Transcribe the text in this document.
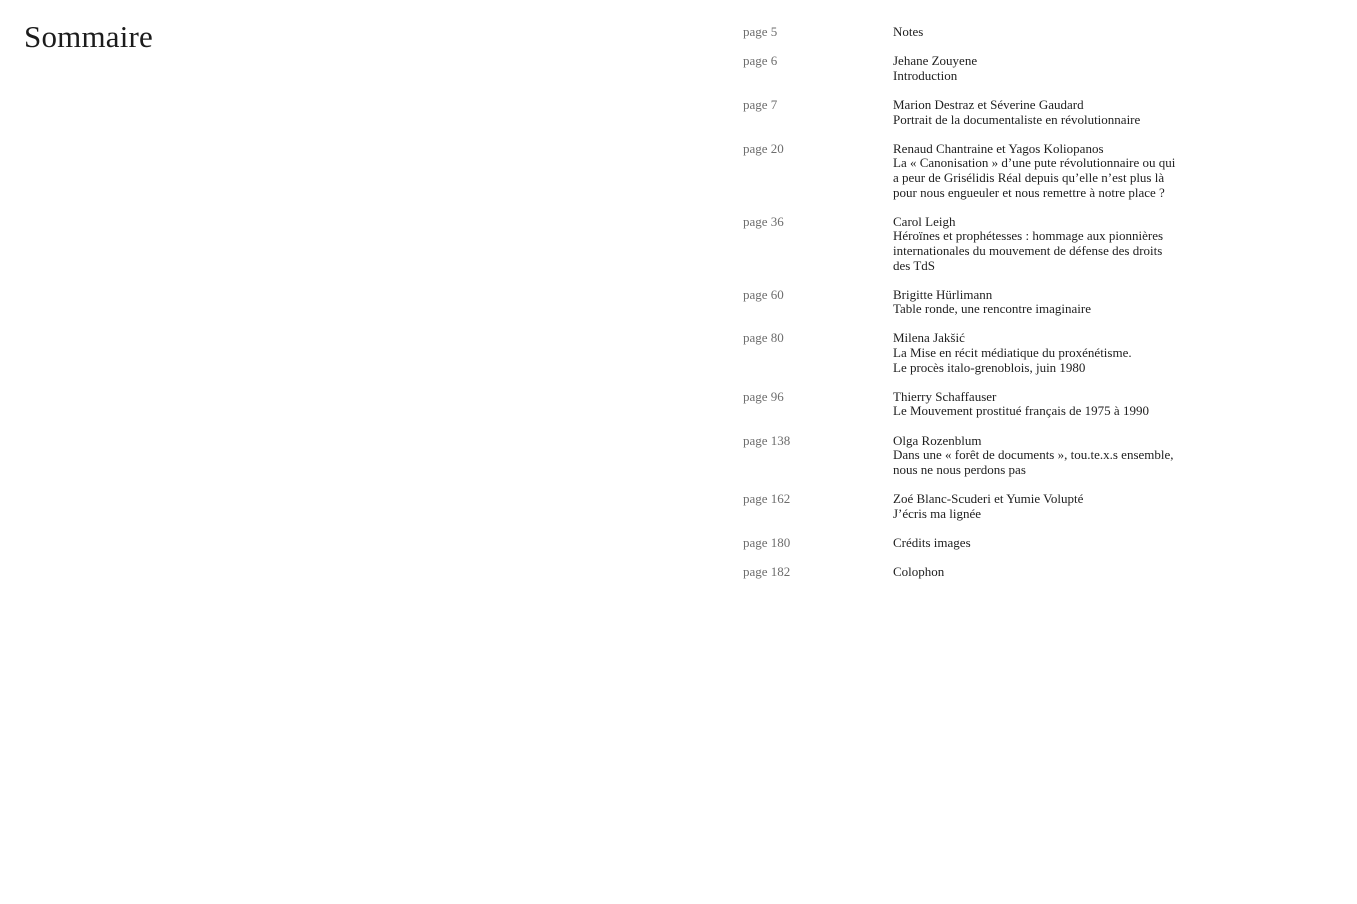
Sommaire	page 5	Notes
page 6	Jehane Zouyene
Introduction
page 7	Marion Destraz et Séverine Gaudard
Portrait de la documentaliste en révolutionnaire
page 20	Renaud Chantraine et Yagos Koliopanos
La « Canonisation » d’une pute révolutionnaire ou qui
a peur de Grisélidis Réal depuis qu’elle n’est plus là
pour nous engueuler et nous remettre à notre place ?
page 36	Carol Leigh
Héroïnes et prophétesses : hommage aux pionnières
internationales du mouvement de défense des droits
des TdS
page 60	Brigitte Hürlimann
Table ronde, une rencontre imaginaire
page 80	Milena Jakšić
La Mise en récit médiatique du proxénétisme.
Le procès italo-grenoblois, juin 1980
page 96	Thierry Schaffauser
Le Mouvement prostitué français de 1975 à 1990
page 138	Olga Rozenblum
Dans une « forêt de documents », tou.te.x.s ensemble,
nous ne nous perdons pas
page 162	Zoé Blanc-Scuderi et Yumie Volupté
J’écris ma lignée
page 180	Crédits images
page 182	Colophon
